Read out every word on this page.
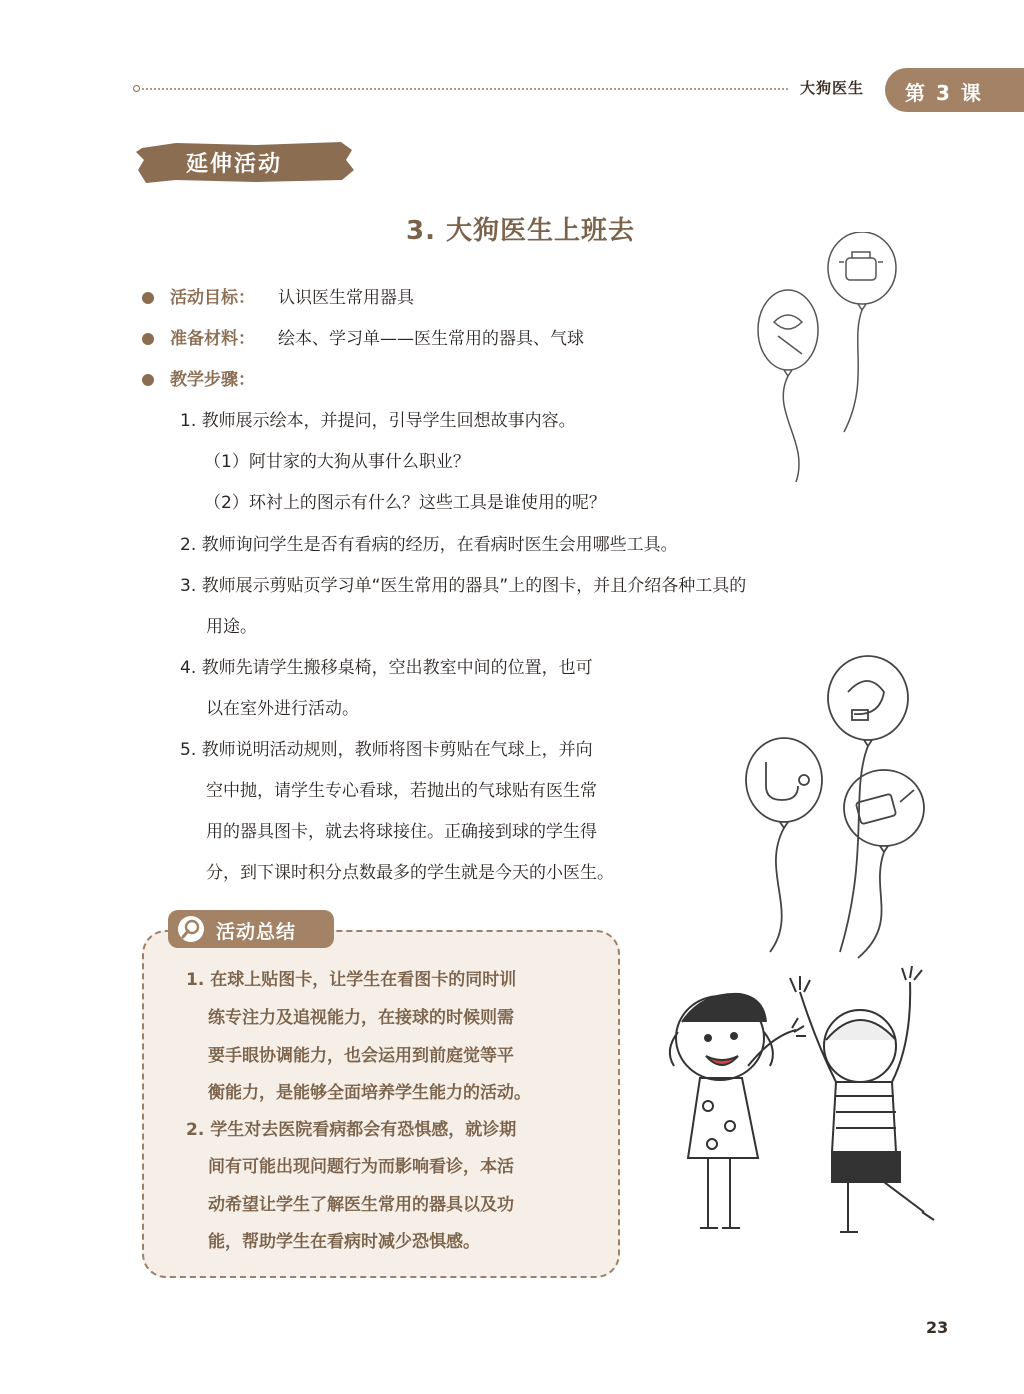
大狗医生 第 3 课
延伸活动
3. 大狗医生上班去
活动目标： 认识医生常用器具
准备材料： 绘本、学习单——医生常用的器具、气球
教学步骤：
1. 教师展示绘本，并提问，引导学生回想故事内容。
（1）阿甘家的大狗从事什么职业？
（2）环衬上的图示有什么？这些工具是谁使用的呢？
2. 教师询问学生是否有看病的经历，在看病时医生会用哪些工具。
3. 教师展示剪贴页学习单“医生常用的器具”上的图卡，并且介绍各种工具的
用途。
4. 教师先请学生搬移桌椅，空出教室中间的位置，也可
以在室外进行活动。
5. 教师说明活动规则，教师将图卡剪贴在气球上，并向
空中抛，请学生专心看球，若抛出的气球贴有医生常
用的器具图卡，就去将球接住。正确接到球的学生得
分，到下课时积分点数最多的学生就是今天的小医生。
活动总结
1. 在球上贴图卡，让学生在看图卡的同时训
练专注力及追视能力，在接球的时候则需
要手眼协调能力，也会运用到前庭觉等平
衡能力，是能够全面培养学生能力的活动。
2. 学生对去医院看病都会有恐惧感，就诊期
间有可能出现问题行为而影响看诊，本活
动希望让学生了解医生常用的器具以及功
能，帮助学生在看病时减少恐惧感。
23
